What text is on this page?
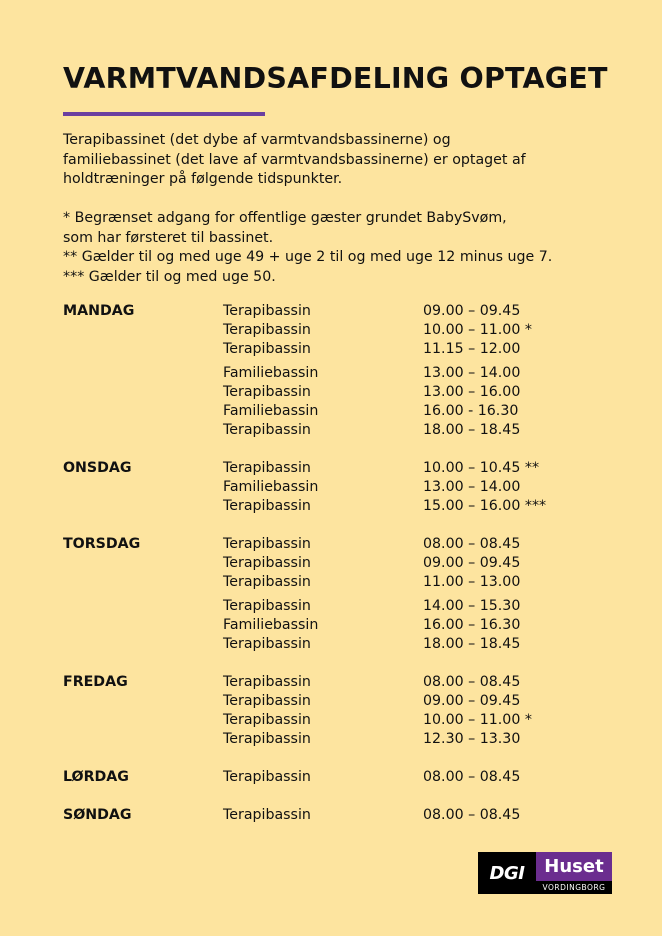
VARMTVANDSAFDELING OPTAGET

Terapibassinet (det dybe af varmtvandsbassinerne) og
familiebassinet (det lave af varmtvandsbassinerne) er optaget af
holdtræninger på følgende tidspunkter.

* Begrænset adgang for offentlige gæster grundet BabySvøm,
som har førsteret til bassinet.
** Gælder til og med uge 49 + uge 2 til og med uge 12 minus uge 7.
*** Gælder til og med uge 50.

MANDAG	Terapibassin	09.00 – 09.45
Terapibassin	10.00 – 11.00 *
Terapibassin	11.15 – 12.00
Familiebassin	13.00 – 14.00
Terapibassin	13.00 – 16.00
Familiebassin	16.00 - 16.30
Terapibassin	18.00 – 18.45
ONSDAG	Terapibassin	10.00 – 10.45 **
Familiebassin	13.00 – 14.00
Terapibassin	15.00 – 16.00 ***
TORSDAG	Terapibassin	08.00 – 08.45
Terapibassin	09.00 – 09.45
Terapibassin	11.00 – 13.00
Terapibassin	14.00 – 15.30
Familiebassin	16.00 – 16.30
Terapibassin	18.00 – 18.45
FREDAG	Terapibassin	08.00 – 08.45
Terapibassin	09.00 – 09.45
Terapibassin	10.00 – 11.00 *
Terapibassin	12.30 – 13.30
LØRDAG	Terapibassin	08.00 – 08.45
SØNDAG	Terapibassin	08.00 – 08.45
DGI	Huset
VORDINGBORG
